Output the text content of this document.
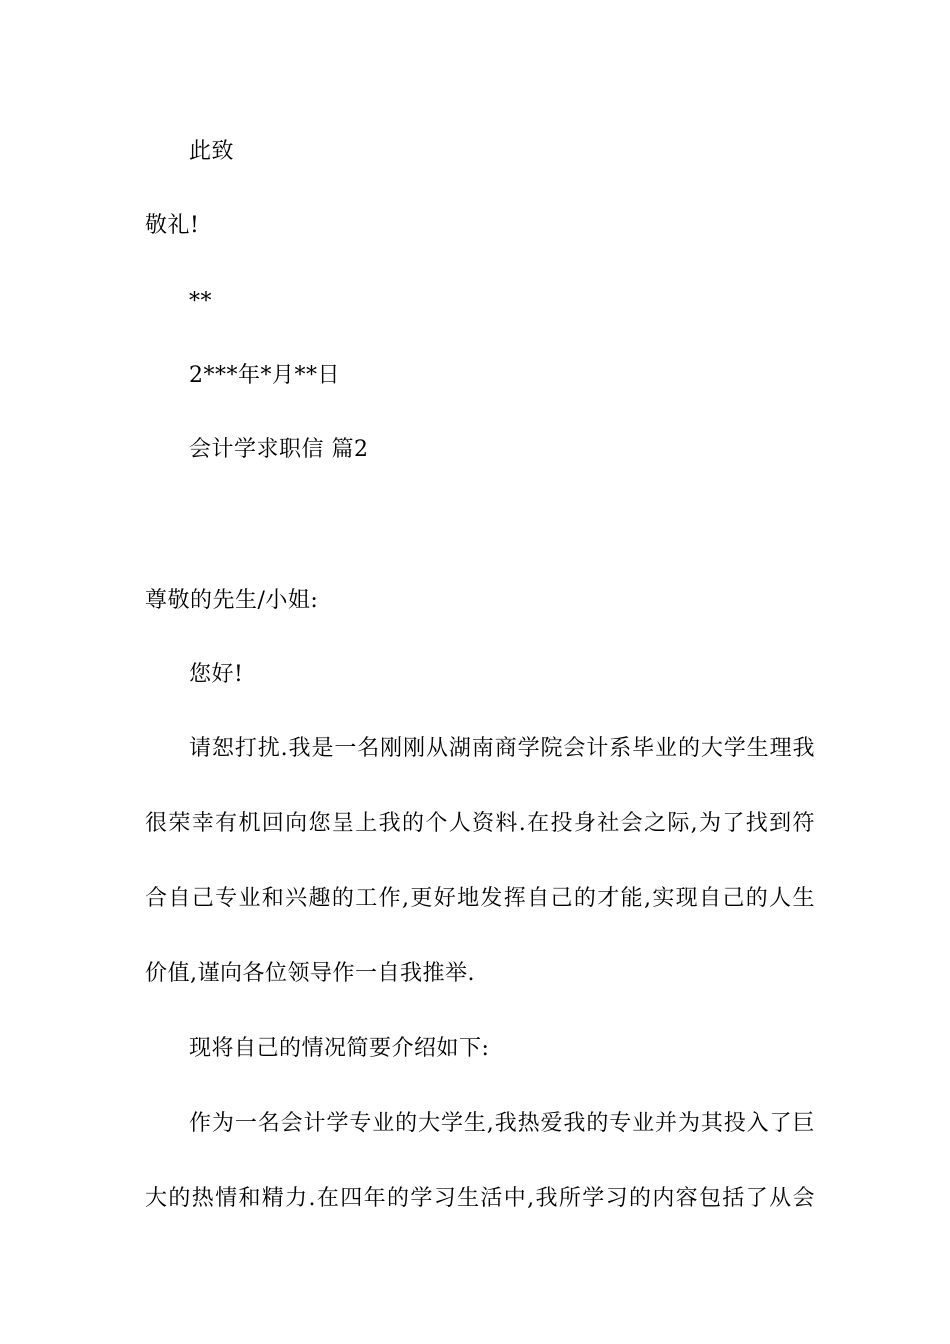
此致
敬礼!
**
2***年*月**日
会计学求职信 篇2
尊敬的先生/小姐:
您好!
请恕打扰.我是一名刚刚从湖南商学院会计系毕业的大学生理我
很荣幸有机回向您呈上我的个人资料.在投身社会之际,为了找到符
合自己专业和兴趣的工作,更好地发挥自己的才能,实现自己的人生
价值,谨向各位领导作一自我推举.
现将自己的情况简要介绍如下:
作为一名会计学专业的大学生,我热爱我的专业并为其投入了巨
大的热情和精力.在四年的学习生活中,我所学习的内容包括了从会
